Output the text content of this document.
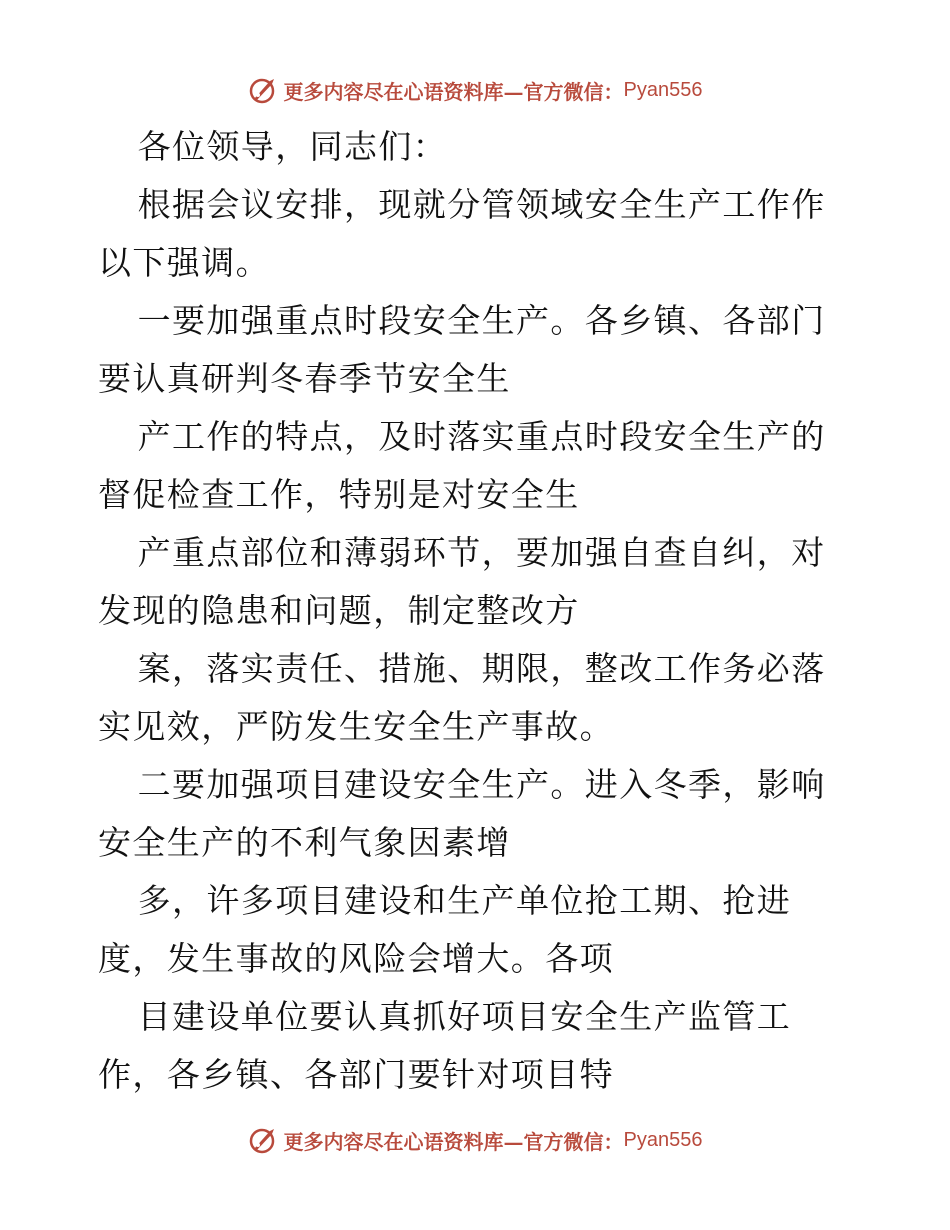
更多内容尽在心语资料库—官方微信： Pyan556

各位领导，同志们：

根据会议安排，现就分管领域安全生产工作作以下强调。

一要加强重点时段安全生产。各乡镇、各部门要认真研判冬春季节安全生

产工作的特点，及时落实重点时段安全生产的督促检查工作，特别是对安全生

产重点部位和薄弱环节，要加强自查自纠，对发现的隐患和问题，制定整改方

案，落实责任、措施、期限，整改工作务必落实见效，严防发生安全生产事故。

二要加强项目建设安全生产。进入冬季，影响安全生产的不利气象因素增

多，许多项目建设和生产单位抢工期、抢进度，发生事故的风险会增大。各项

目建设单位要认真抓好项目安全生产监管工作，各乡镇、各部门要针对项目特

更多内容尽在心语资料库—官方微信： Pyan556
